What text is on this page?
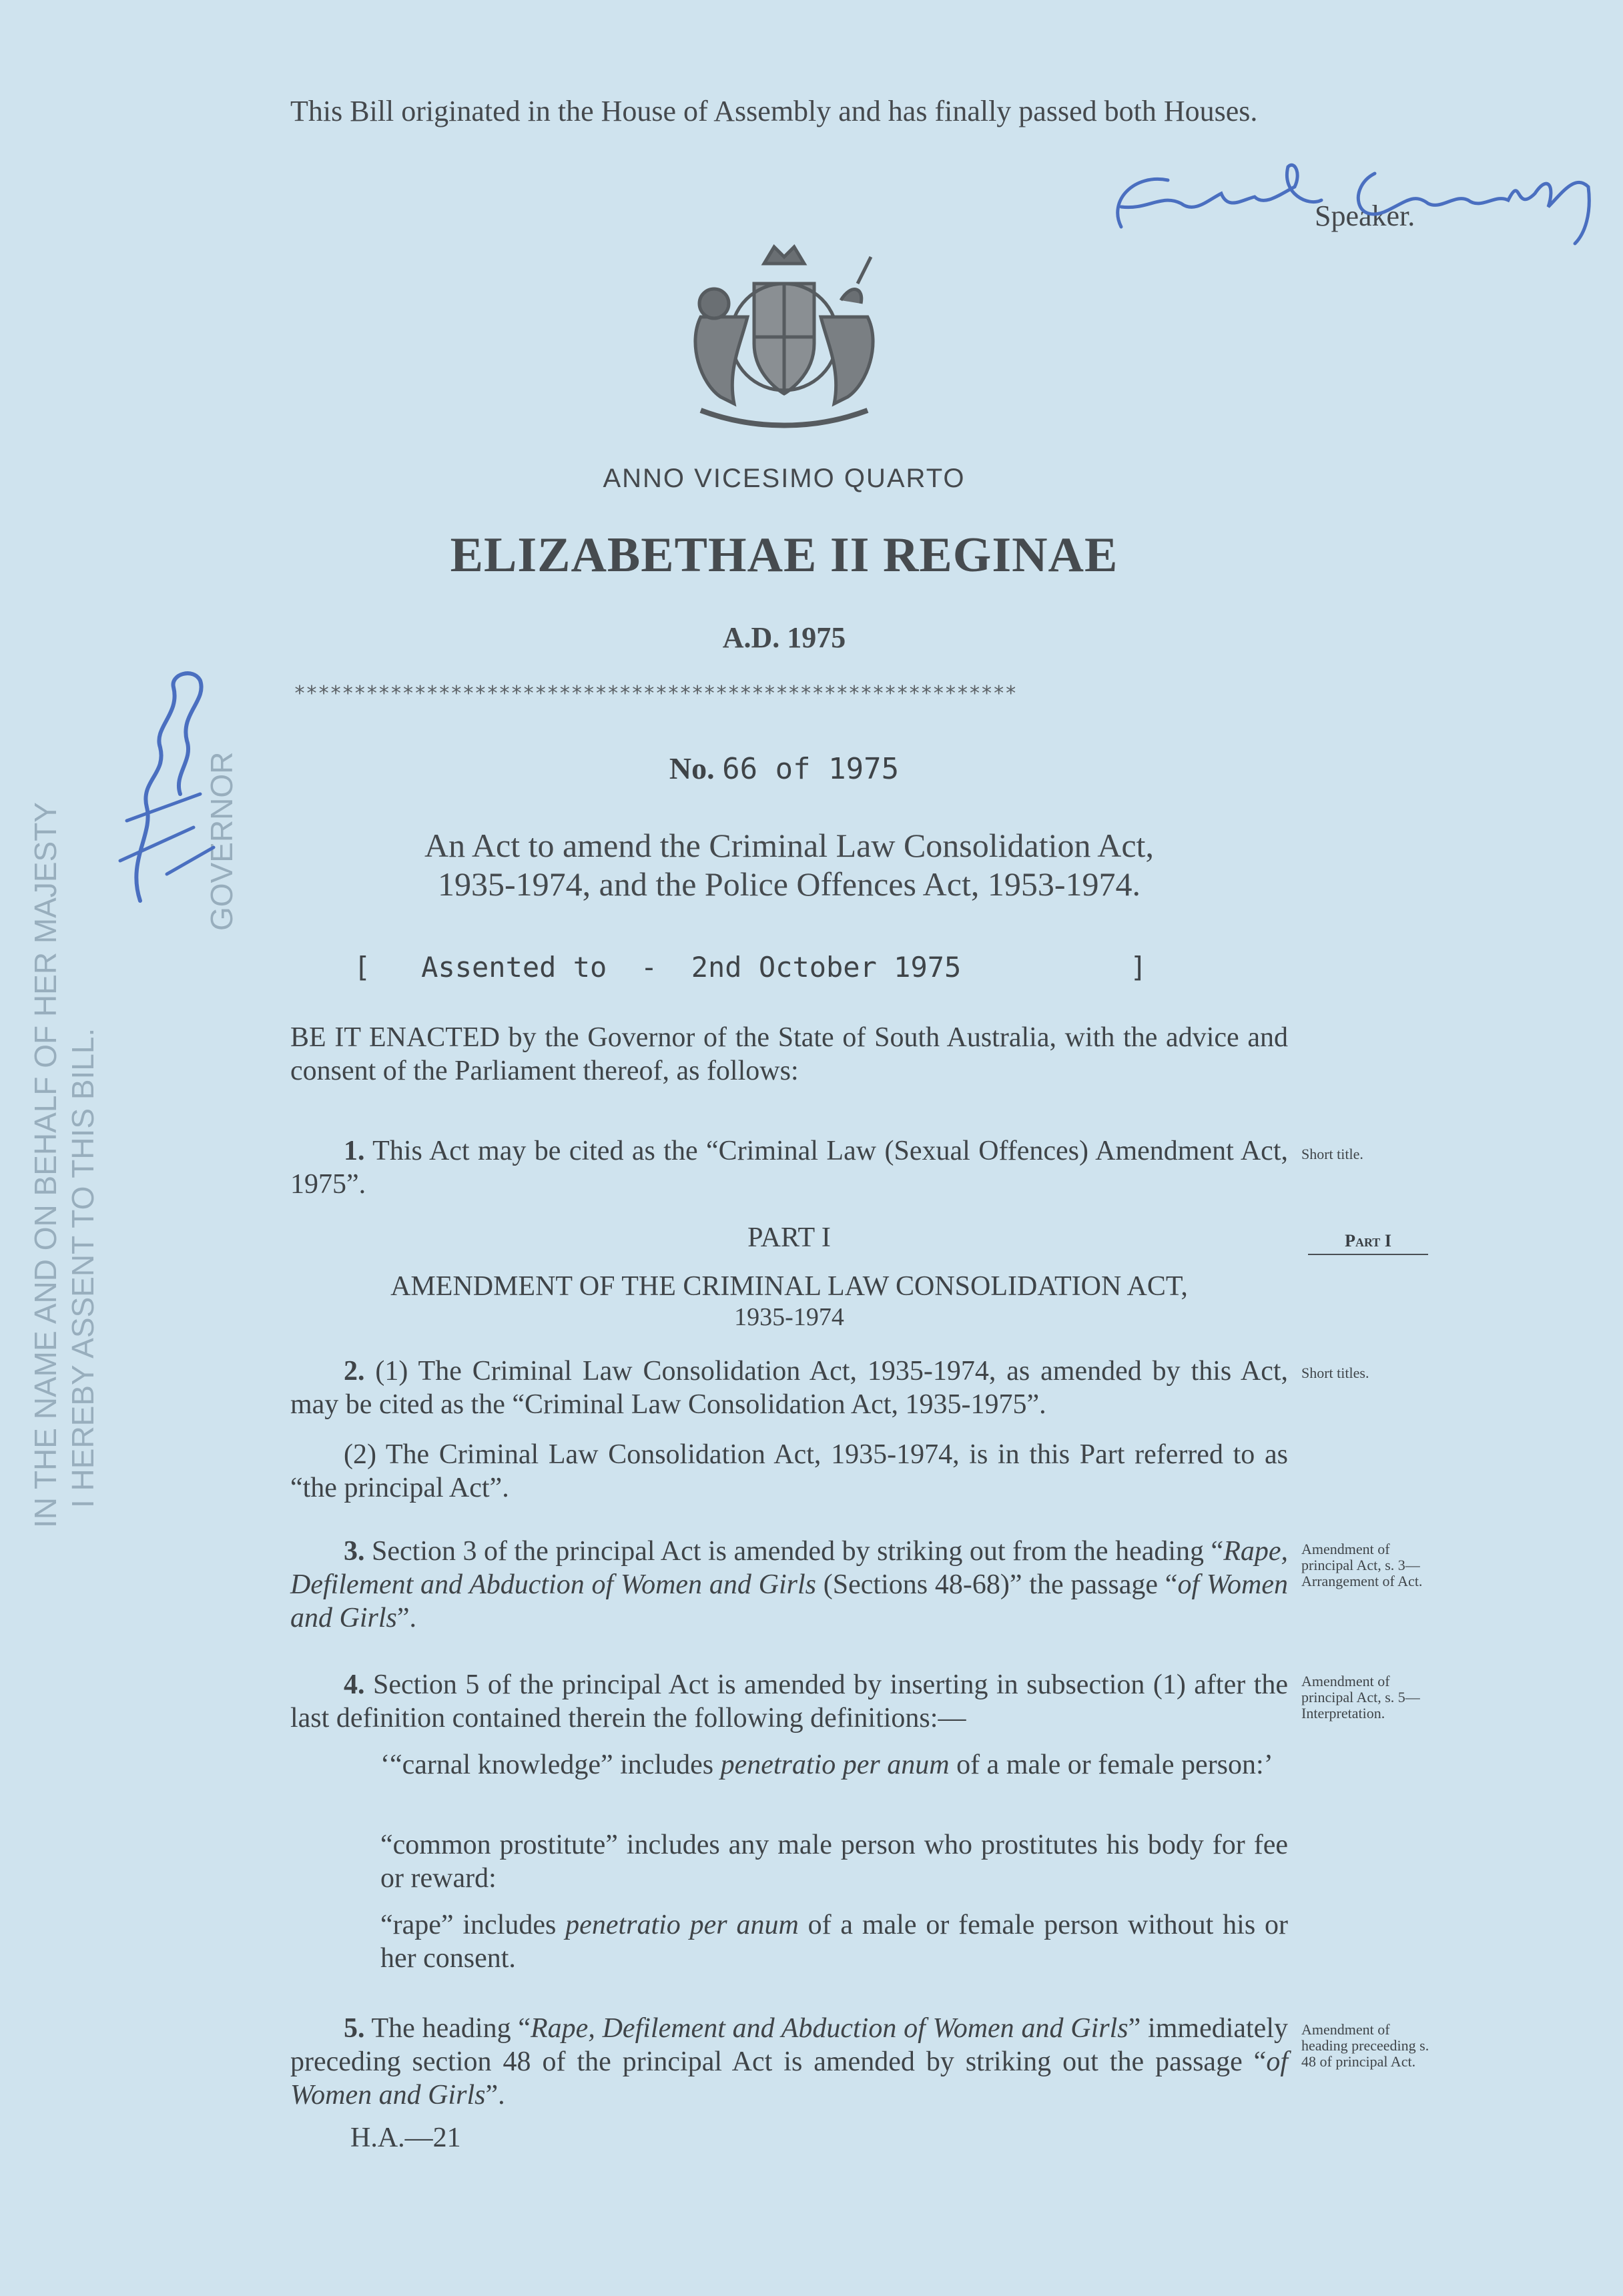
This Bill originated in the House of Assembly and has finally passed both Houses.
Speaker.
ANNO VICESIMO QUARTO
ELIZABETHAE II REGINAE
A.D. 1975
************************************************************
No. 66 of 1975
An Act to amend the Criminal Law Consolidation Act,
1935-1974, and the Police Offences Act, 1953-1974.
[ Assented to  -  2nd October 1975	]
BE IT ENACTED by the Governor of the State of South Australia, with the advice and consent of the Parliament thereof, as follows:
1. This Act may be cited as the “Criminal Law (Sexual Offences) Amendment Act, 1975”.
Short title.
PART I	Part I
AMENDMENT OF THE CRIMINAL LAW CONSOLIDATION ACT,
1935-1974
2. (1) The Criminal Law Consolidation Act, 1935-1974, as amended by this Act, may be cited as the “Criminal Law Consolidation Act, 1935-1975”.
Short titles.
(2) The Criminal Law Consolidation Act, 1935-1974, is in this Part referred to as “the principal Act”.
3. Section 3 of the principal Act is amended by striking out from the heading “Rape, Defilement and Abduction of Women and Girls (Sections 48-68)” the passage “of Women and Girls”.
Amendment of principal Act, s. 3— Arrangement of Act.
4. Section 5 of the principal Act is amended by inserting in subsection (1) after the last definition contained therein the following definitions:—
Amendment of principal Act, s. 5— Interpretation.
‘“carnal knowledge” includes penetratio per anum of a male or female person:’
“common prostitute” includes any male person who prostitutes his body for fee or reward:
“rape” includes penetratio per anum of a male or female person without his or her consent.
5. The heading “Rape, Defilement and Abduction of Women and Girls” immediately preceding section 48 of the principal Act is amended by striking out the passage “of Women and Girls”.
Amendment of heading preceeding s. 48 of principal Act.
H.A.—21
IN THE NAME AND ON BEHALF OF HER MAJESTY I HEREBY ASSENT TO THIS BILL.
GOVERNOR
